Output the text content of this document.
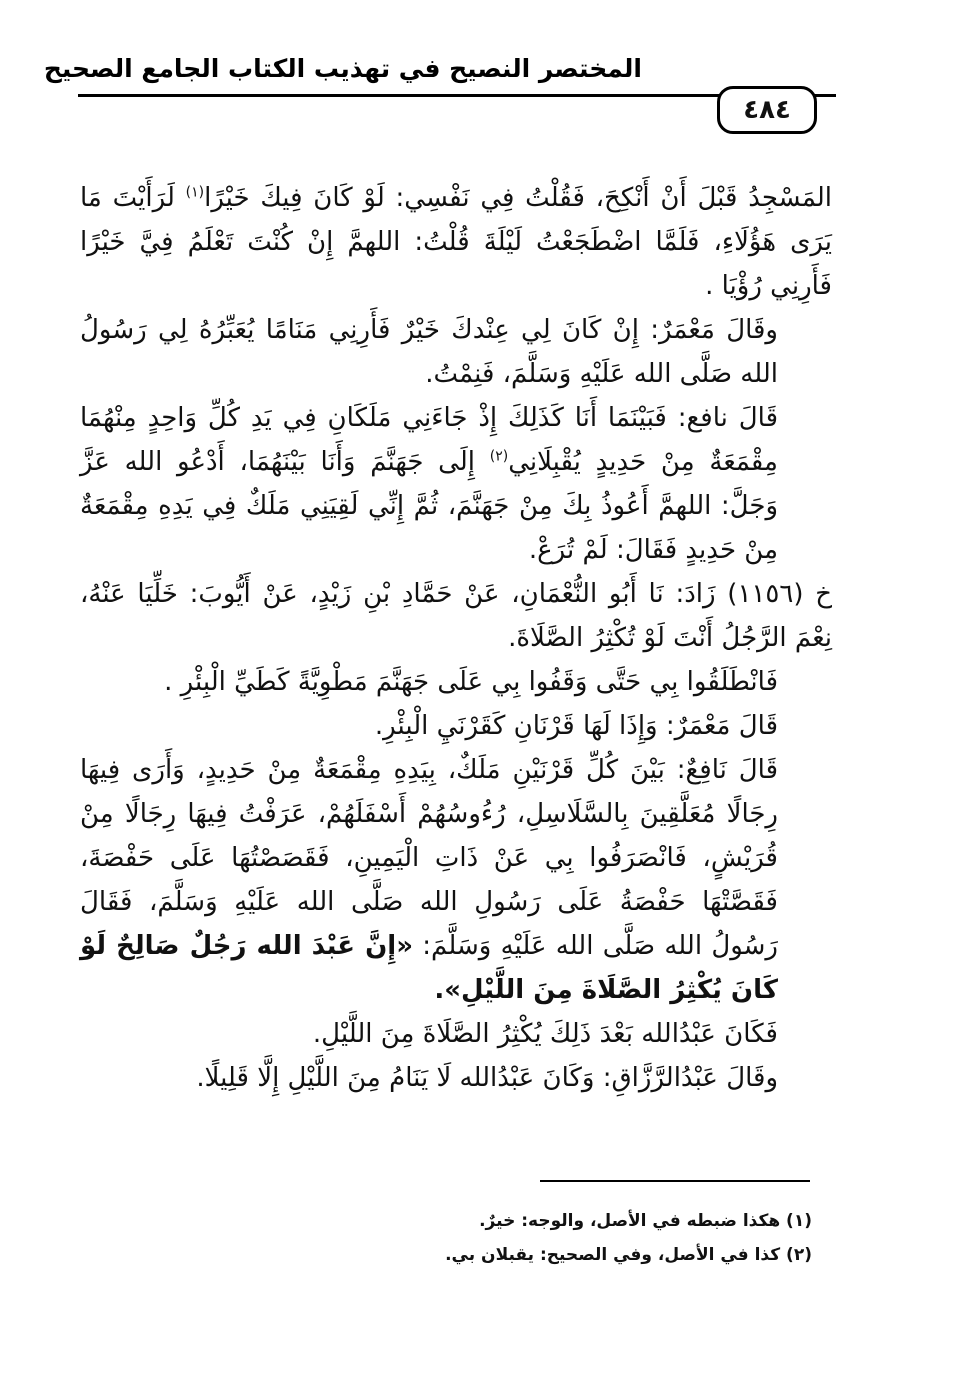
المختصر النصيح في تهذيب الكتاب الجامع الصحيح
٤٨٤

المَسْجِدُ قَبْلَ أَنْ أَنْكِحَ، فَقُلْتُ فِي نَفْسِي: لَوْ كَانَ فِيكَ خَيْرًا$^{(١)}$ لَرَأَيْتَ مَا يَرَى هَؤُلَاءِ، فَلَمَّا اضْطَجَعْتُ لَيْلَةَ قُلْتُ: اللهمَّ إِنْ كُنْتَ تَعْلَمُ فِيَّ خَيْرًا فَأَرِنِي رُؤْيَا .

وقَالَ مَعْمَرٌ: إِنْ كَانَ لِي عِنْدكَ خَيْرٌ فَأَرِنِي مَنَامًا يُعَبِّرُهُ لِي رَسُولُ الله صَلَّى الله عَلَيْهِ وَسَلَّمَ، فَنِمْتُ.

قَالَ نافع: فَبَيْنَمَا أَنَا كَذَلِكَ إِذْ جَاءَنِي مَلَكَانِ فِي يَدِ كُلِّ وَاحِدٍ مِنْهُمَا مِقْمَعَةٌ مِنْ حَدِيدٍ يُقْبِلَانِي$^{(٢)}$ إِلَى جَهَنَّمَ وَأَنَا بَيْنَهُمَا، أَدْعُو الله عَزَّ وَجَلَّ: اللهمَّ أَعُوذُ بِكَ مِنْ جَهَنَّمَ، ثُمَّ إِنِّي لَقِيَنِي مَلَكٌ فِي يَدِهِ مِقْمَعَةٌ مِنْ حَدِيدٍ فَقَالَ: لَمْ تُرَعْ.

خ (١١٥٦) زَادَ: نَا أَبُو النُّعْمَانِ، عَنْ حَمَّادِ بْنِ زَيْدٍ، عَنْ أَيُّوبَ: خَلِّيَا عَنْهُ، نِعْمَ الرَّجُلُ أَنْتَ لَوْ تُكْثِرُ الصَّلَاةَ.

فَانْطَلَقُوا بِي حَتَّى وَقَفُوا بِي عَلَى جَهَنَّمَ مَطْوِيَّةً كَطَيِّ الْبِئْرِ .

قَالَ مَعْمَرٌ: وَإِذَا لَهَا قَرْنَانِ كَقَرْنَيِ الْبِئْرِ.

قَالَ نَافِعٌ: بَيْنَ كُلِّ قَرْنَيْنِ مَلَكٌ، بِيَدِهِ مِقْمَعَةٌ مِنْ حَدِيدٍ، وَأَرَى فِيهَا رِجَالًا مُعَلَّقِينَ بِالسَّلَاسِلِ، رُءُوسُهُمْ أَسْفَلَهُمْ، عَرَفْتُ فِيهَا رِجَالًا مِنْ قُرَيْشٍ، فَانْصَرَفُوا بِي عَنْ ذَاتِ الْيَمِينِ، فَقَصَصْتُهَا عَلَى حَفْصَةَ، فَقَصَّتْهَا حَفْصَةُ عَلَى رَسُولِ الله صَلَّى الله عَلَيْهِ وَسَلَّمَ، فَقَالَ رَسُولُ الله صَلَّى الله عَلَيْهِ وَسَلَّمَ: «إِنَّ عَبْدَ الله رَجُلٌ صَالِحٌ لَوْ كَانَ يُكْثِرُ الصَّلَاةَ مِنَ اللَّيْلِ».

فَكَانَ عَبْدُالله بَعْدَ ذَلِكَ يُكْثِرُ الصَّلَاةَ مِنَ اللَّيْلِ.

وقَالَ عَبْدُالرَّزَّاقِ: وَكَانَ عَبْدُالله لَا يَنَامُ مِنَ اللَّيْلِ إِلَّا قَلِيلًا.

(١) هكذا ضبطه في الأصل، والوجه: خيرٌ.
(٢) كذا في الأصل، وفي الصحيح: يقبلان بي.
